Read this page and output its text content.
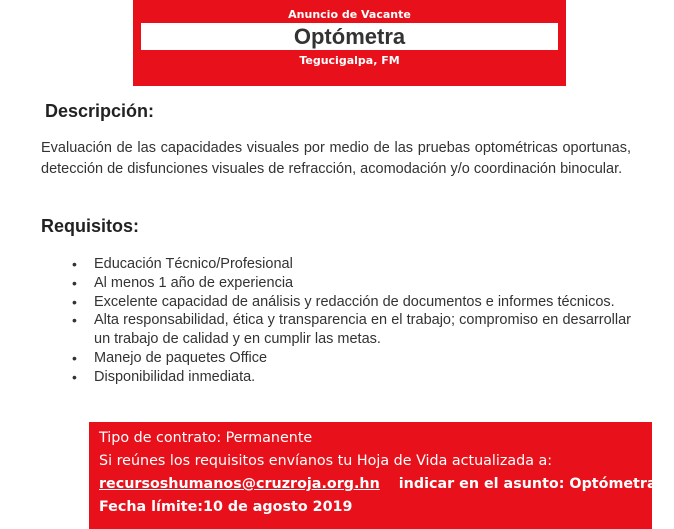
Anuncio de Vacante
Optómetra
Tegucigalpa, FM
Descripción:
Evaluación de las capacidades visuales por medio de las pruebas optométricas oportunas, detección de disfunciones visuales de refracción, acomodación y/o coordinación binocular.
Requisitos:
• Educación Técnico/Profesional
• Al menos 1 año de experiencia
• Excelente capacidad de análisis y redacción de documentos e informes técnicos.
• Alta responsabilidad, ética y transparencia en el trabajo; compromiso en desarrollar un trabajo de calidad y en cumplir las metas.
• Manejo de paquetes Office
• Disponibilidad inmediata.
Tipo de contrato: Permanente
Si reúnes los requisitos envíanos tu Hoja de Vida actualizada a:
recursoshumanos@cruzroja.org.hn indicar en el asunto: Optómetra
Fecha límite:10 de agosto 2019
